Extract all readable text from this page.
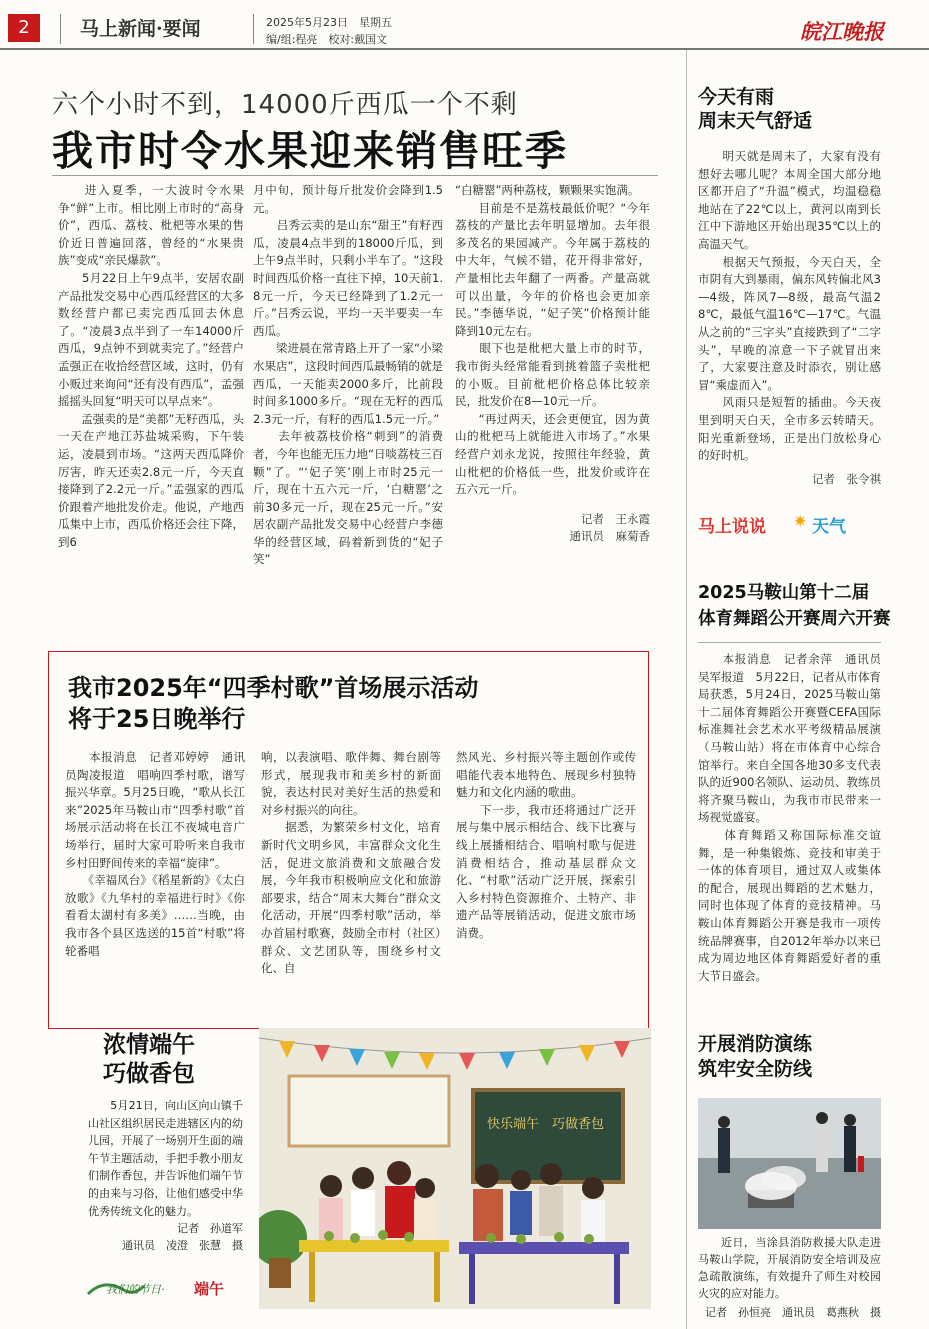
2	马上新闻·要闻	2025年5月23日　星期五
编/组:程亮　校对:戴国文	皖江晚报
六个小时不到，14000斤西瓜一个不剩
我市时令水果迎来销售旺季

　　进入夏季，一大波时令水果争“鲜”上市。相比刚上市时的“高身价”，西瓜、荔枝、枇杷等水果的售价近日普遍回落，曾经的“水果贵族”变成“亲民爆款”。
　　5月22日上午9点半，安居农副产品批发交易中心西瓜经营区的大多数经营户都已卖完西瓜回去休息了。“凌晨3点半到了一车14000斤西瓜，9点钟不到就卖完了。”经营户孟强正在收拾经营区域，这时，仍有小贩过来询问“还有没有西瓜”，孟强摇摇头回复“明天可以早点来”。
　　孟强卖的是“美都”无籽西瓜，头一天在产地江苏盐城采购，下午装运，凌晨到市场。“这两天西瓜降价厉害，昨天还卖2.8元一斤，今天直接降到了2.2元一斤。”孟强家的西瓜价跟着产地批发价走。他说，产地西瓜集中上市，西瓜价格还会往下降，到6

月中旬，预计每斤批发价会降到1.5元。
　　吕秀云卖的是山东“甜王”有籽西瓜，凌晨4点半到的18000斤瓜，到上午9点半时，只剩小半车了。“这段时间西瓜价格一直往下掉，10天前1.8元一斤，今天已经降到了1.2元一斤。”吕秀云说，平均一天半要卖一车西瓜。
　　梁进晨在常青路上开了一家“小梁水果店”，这段时间西瓜最畅销的就是西瓜，一天能卖2000多斤，比前段时间多1000多斤。“现在无籽的西瓜2.3元一斤，有籽的西瓜1.5元一斤。”
　　去年被荔枝价格“刺到”的消费者，今年也能无压力地“日啖荔枝三百颗”了。“‘妃子笑’刚上市时25元一斤，现在十五六元一斤，‘白糖罂’之前30多元一斤，现在25元一斤。”安居农副产品批发交易中心经营户李德华的经营区域，码着新到货的“妃子笑”

“白糖罂”两种荔枝，颗颗果实饱满。
　　目前是不是荔枝最低价呢？“今年荔枝的产量比去年明显增加。去年很多茂名的果园减产。今年属于荔枝的中大年，气候不错，花开得非常好，产量相比去年翻了一两番。产量高就可以出量，今年的价格也会更加亲民。”李德华说，“妃子笑”价格预计能降到10元左右。
　　眼下也是枇杷大量上市的时节，我市街头经常能看到挑着篮子卖枇杷的小贩。目前枇杷价格总体比较亲民，批发价在8—10元一斤。
　　“再过两天，还会更便宜，因为黄山的枇杷马上就能进入市场了。”水果经营户刘永龙说，按照往年经验，黄山枇杷的价格低一些，批发价或许在五六元一斤。

记者　王永霞
通讯员　麻菊香
今天有雨
周末天气舒适

　　明天就是周末了，大家有没有想好去哪儿呢？本周全国大部分地区都开启了“升温”模式，均温稳稳地站在了22℃以上，黄河以南到长江中下游地区开始出现35℃以上的高温天气。
　　根据天气预报，今天白天，全市阴有大到暴雨，偏东风转偏北风3—4级，阵风7—8级，最高气温28℃，最低气温16℃—17℃。气温从之前的“三字头”直接跌到了“二字头”，早晚的凉意一下子就冒出来了，大家要注意及时添衣，别让感冒“乘虚而入”。
　　风雨只是短暂的插曲。今天夜里到明天白天，全市多云转晴天。阳光重新登场，正是出门放松身心的好时机。

记者　张令祺
马上说说 ✷ 天气
2025马鞍山第十二届
体育舞蹈公开赛周六开赛

　　本报消息　记者余萍　通讯员吴军报道　5月22日，记者从市体育局获悉，5月24日，2025马鞍山第十二届体育舞蹈公开赛暨CEFA国际标准舞社会艺术水平考级精品展演（马鞍山站）将在市体育中心综合馆举行。来自全国各地30多支代表队的近900名领队、运动员、教练员将齐聚马鞍山，为我市市民带来一场视觉盛宴。
　　体育舞蹈又称国际标准交谊舞，是一种集锻炼、竞技和审美于一体的体育项目，通过双人或集体的配合，展现出舞蹈的艺术魅力，同时也体现了体育的竞技精神。马鞍山体育舞蹈公开赛是我市一项传统品牌赛事，自2012年举办以来已成为周边地区体育舞蹈爱好者的重大节日盛会。

开展消防演练
筑牢安全防线

　　近日，当涂县消防救援大队走进马鞍山学院，开展消防安全培训及应急疏散演练，有效提升了师生对校园火灾的应对能力。

记者　孙恒亮　通讯员　葛燕秋　摄
我市2025年“四季村歌”首场展示活动
将于25日晚举行

　　本报消息　记者邓婷婷　通讯员陶凌报道　唱响四季村歌，谱写振兴华章。5月25日晚，“歌从长江来”2025年马鞍山市“四季村歌”首场展示活动将在长江不夜城电音广场举行，届时大家可聆听来自我市乡村田野间传来的幸福“旋律”。
　　《幸福凤台》《稻星新韵》《太白放歌》《九华村的幸福进行时》《你看看太湖村有多美》……当晚，由我市各个县区选送的15首“村歌”将轮番唱

响，以表演唱、歌伴舞、舞台剧等形式，展现我市和美乡村的新面貌，表达村民对美好生活的热爱和对乡村振兴的向往。
　　据悉，为繁荣乡村文化，培育新时代文明乡风，丰富群众文化生活，促进文旅消费和文旅融合发展，今年我市积极响应文化和旅游部要求，结合“周末大舞台”群众文化活动，开展“四季村歌”活动，举办首届村歌赛，鼓励全市村（社区）群众、文艺团队等，围绕乡村文化、自

然风光、乡村振兴等主题创作或传唱能代表本地特色、展现乡村独特魅力和文化内涵的歌曲。
　　下一步，我市还将通过广泛开展与集中展示相结合、线下比赛与线上展播相结合、唱响村歌与促进消费相结合，推动基层群众文化、“村歌”活动广泛开展，探索引入乡村特色资源推介、土特产、非遗产品等展销活动，促进文旅市场消费。

浓情端午
巧做香包

　　5月21日，向山区向山镇千山社区组织居民走进辖区内的幼儿园，开展了一场别开生面的端午节主题活动，手把手教小朋友们制作香包，并告诉他们端午节的由来与习俗，让他们感受中华优秀传统文化的魅力。

记者　孙道军
通讯员　凌澄　张慧　摄
我们的节日· 端午
快乐端午　巧做香包
